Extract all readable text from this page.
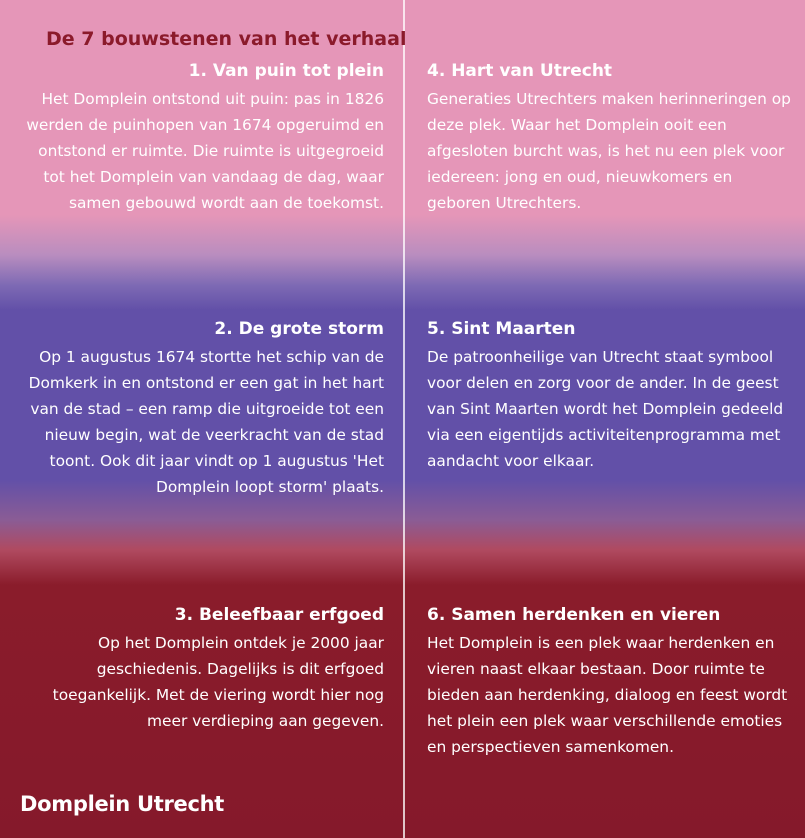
De 7 bouwstenen van het verhaal
1. Van puin tot plein

Het Domplein ontstond uit puin: pas in 1826 werden de puinhopen van 1674 opgeruimd en ontstond er ruimte. Die ruimte is uitgegroeid tot het Domplein van vandaag de dag, waar samen gebouwd wordt aan de toekomst.

2. De grote storm

Op 1 augustus 1674 stortte het schip van de Domkerk in en ontstond er een gat in het hart van de stad – een ramp die uitgroeide tot een nieuw begin, wat de veerkracht van de stad toont. Ook dit jaar vindt op 1 augustus 'Het Domplein loopt storm' plaats.

3. Beleefbaar erfgoed

Op het Domplein ontdek je 2000 jaar geschiedenis. Dagelijks is dit erfgoed toegankelijk. Met de viering wordt hier nog meer verdieping aan gegeven.

4. Hart van Utrecht

Generaties Utrechters maken herinneringen op deze plek. Waar het Domplein ooit een afgesloten burcht was, is het nu een plek voor iedereen: jong en oud, nieuwkomers en geboren Utrechters.

5. Sint Maarten

De patroonheilige van Utrecht staat symbool voor delen en zorg voor de ander. In de geest van Sint Maarten wordt het Domplein gedeeld via een eigentijds activiteitenprogramma met aandacht voor elkaar.

6. Samen herdenken en vieren

Het Domplein is een plek waar herdenken en vieren naast elkaar bestaan. Door ruimte te bieden aan herdenking, dialoog en feest wordt het plein een plek waar verschillende emoties en perspectieven samenkomen.

Domplein Utrecht
